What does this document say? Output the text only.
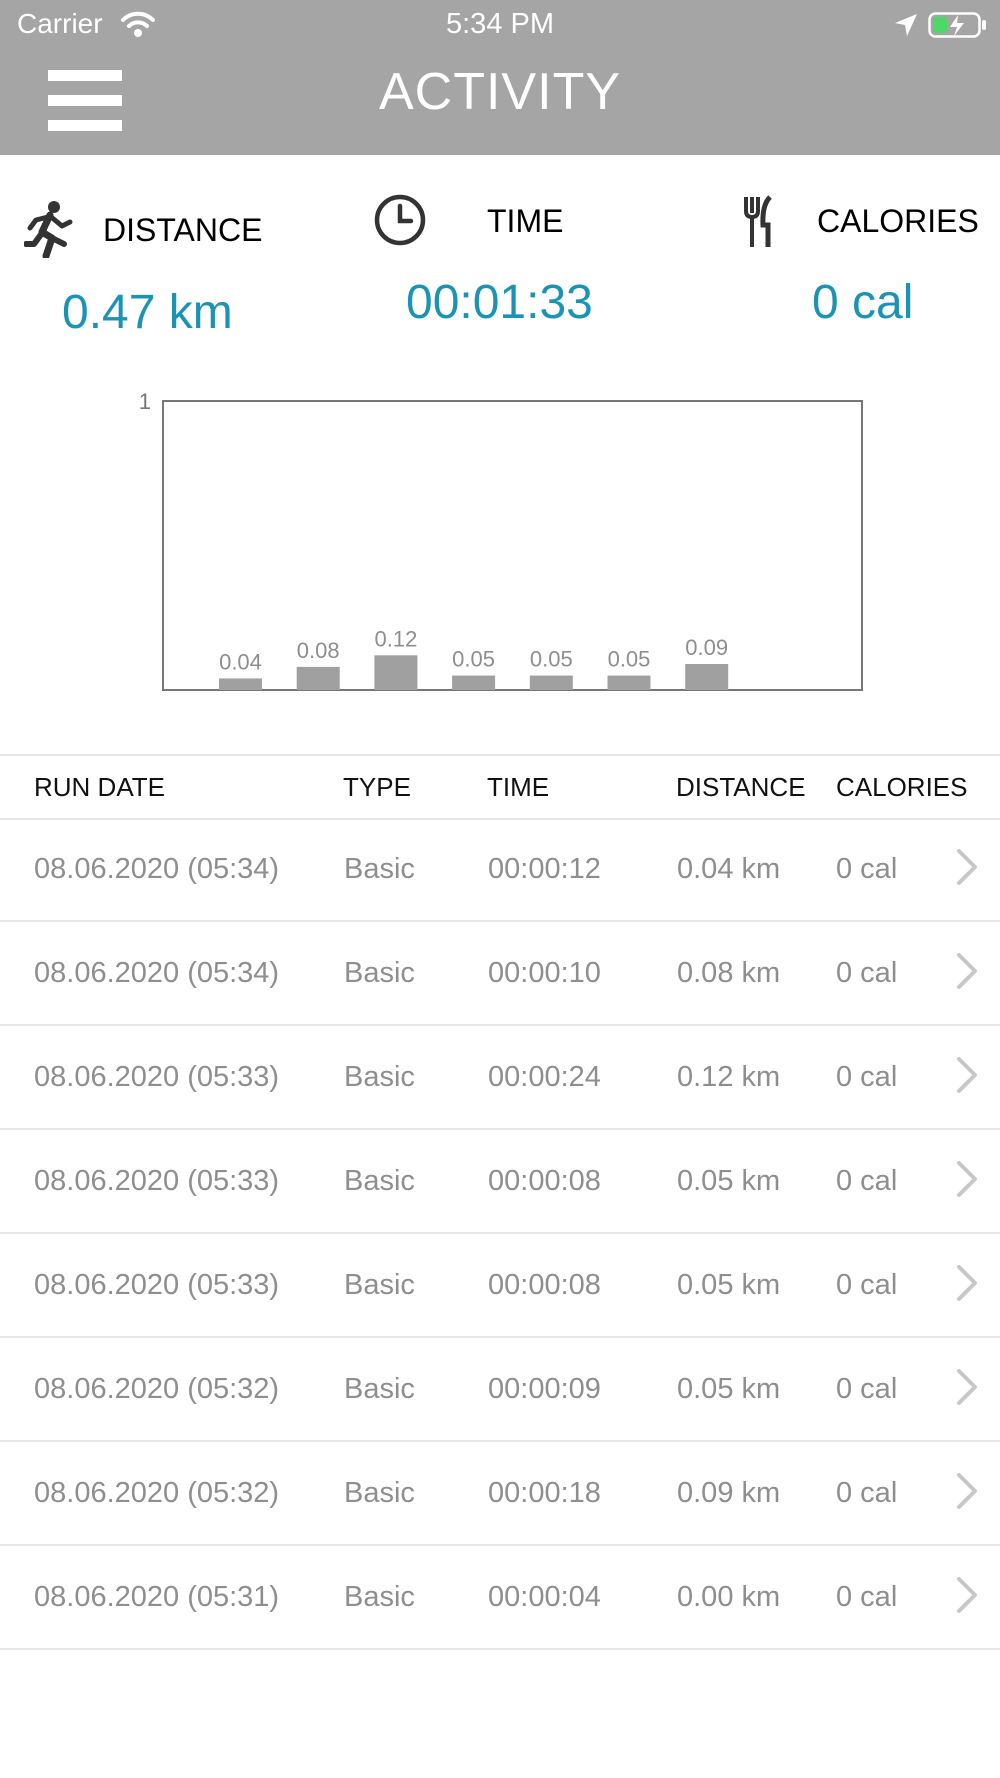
Carrier	5:34 PM
ACTIVITY
DISTANCE
0.47 km
TIME
00:01:33
CALORIES
0 cal
1
0.04 0.08 0.12
0.05 0.05 0.05 0.09
RUN DATE	TYPE	TIME	DISTANCE CALORIES
08.06.2020 (05:34) Basic	00:00:12	0.04 km 0 cal
08.06.2020 (05:34) Basic	00:00:10	0.08 km 0 cal
08.06.2020 (05:33) Basic	00:00:24	0.12 km 0 cal
08.06.2020 (05:33) Basic	00:00:08	0.05 km 0 cal
08.06.2020 (05:33) Basic	00:00:08	0.05 km 0 cal
08.06.2020 (05:32) Basic	00:00:09	0.05 km 0 cal
08.06.2020 (05:32) Basic	00:00:18	0.09 km 0 cal
08.06.2020 (05:31) Basic	00:00:04	0.00 km 0 cal
